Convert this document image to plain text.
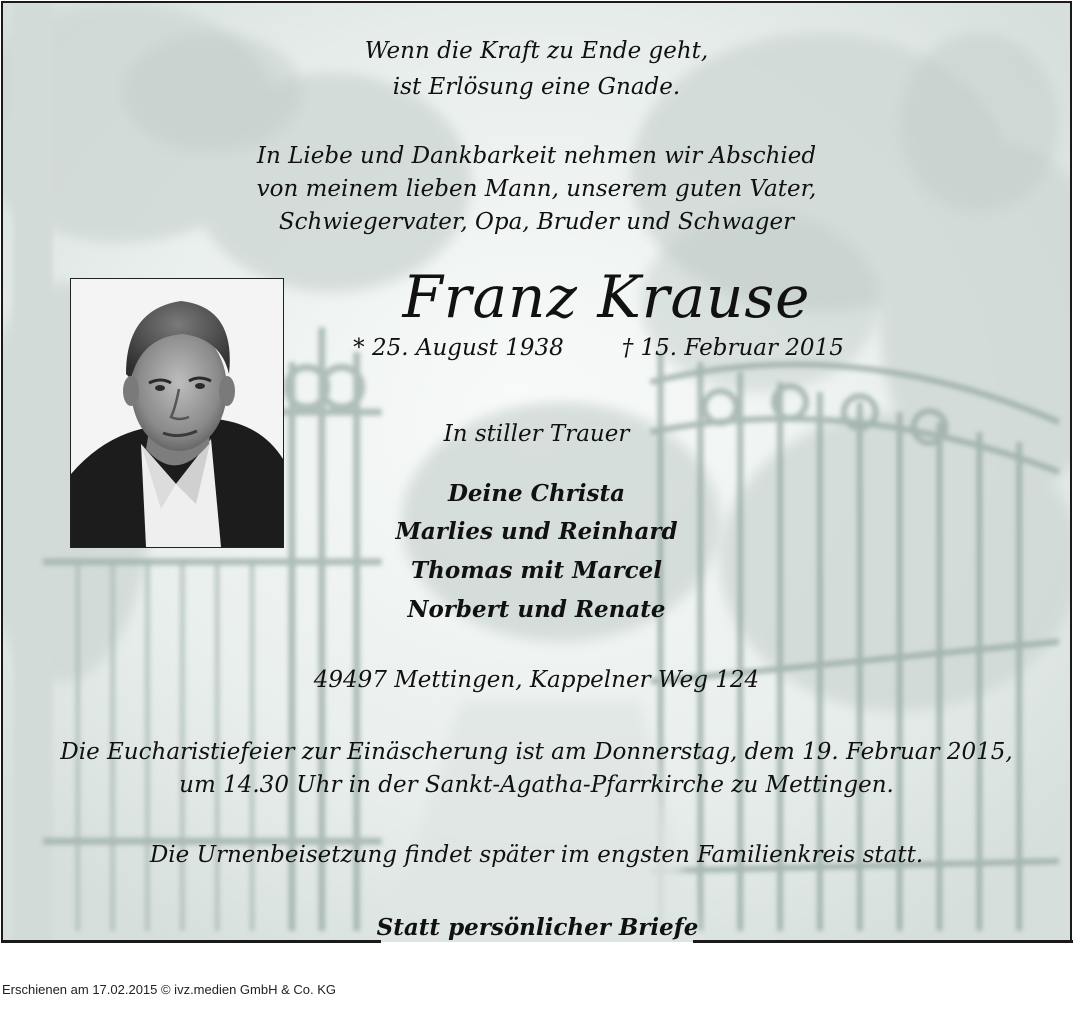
Wenn die Kraft zu Ende geht,
ist Erlösung eine Gnade.
In Liebe und Dankbarkeit nehmen wir Abschied
von meinem lieben Mann, unserem guten Vater,
Schwiegervater, Opa, Bruder und Schwager
Franz Krause
* 25. August 1938	† 15. Februar 2015
In stiller Trauer
Deine Christa
Marlies und Reinhard
Thomas mit Marcel
Norbert und Renate
49497 Mettingen, Kappelner Weg 124
Die Eucharistiefeier zur Einäscherung ist am Donnerstag, dem 19. Februar 2015,
um 14.30 Uhr in der Sankt-Agatha-Pfarrkirche zu Mettingen.
Die Urnenbeisetzung findet später im engsten Familienkreis statt.
Statt persönlicher Briefe
Erschienen am 17.02.2015 © ivz.medien GmbH & Co. KG
